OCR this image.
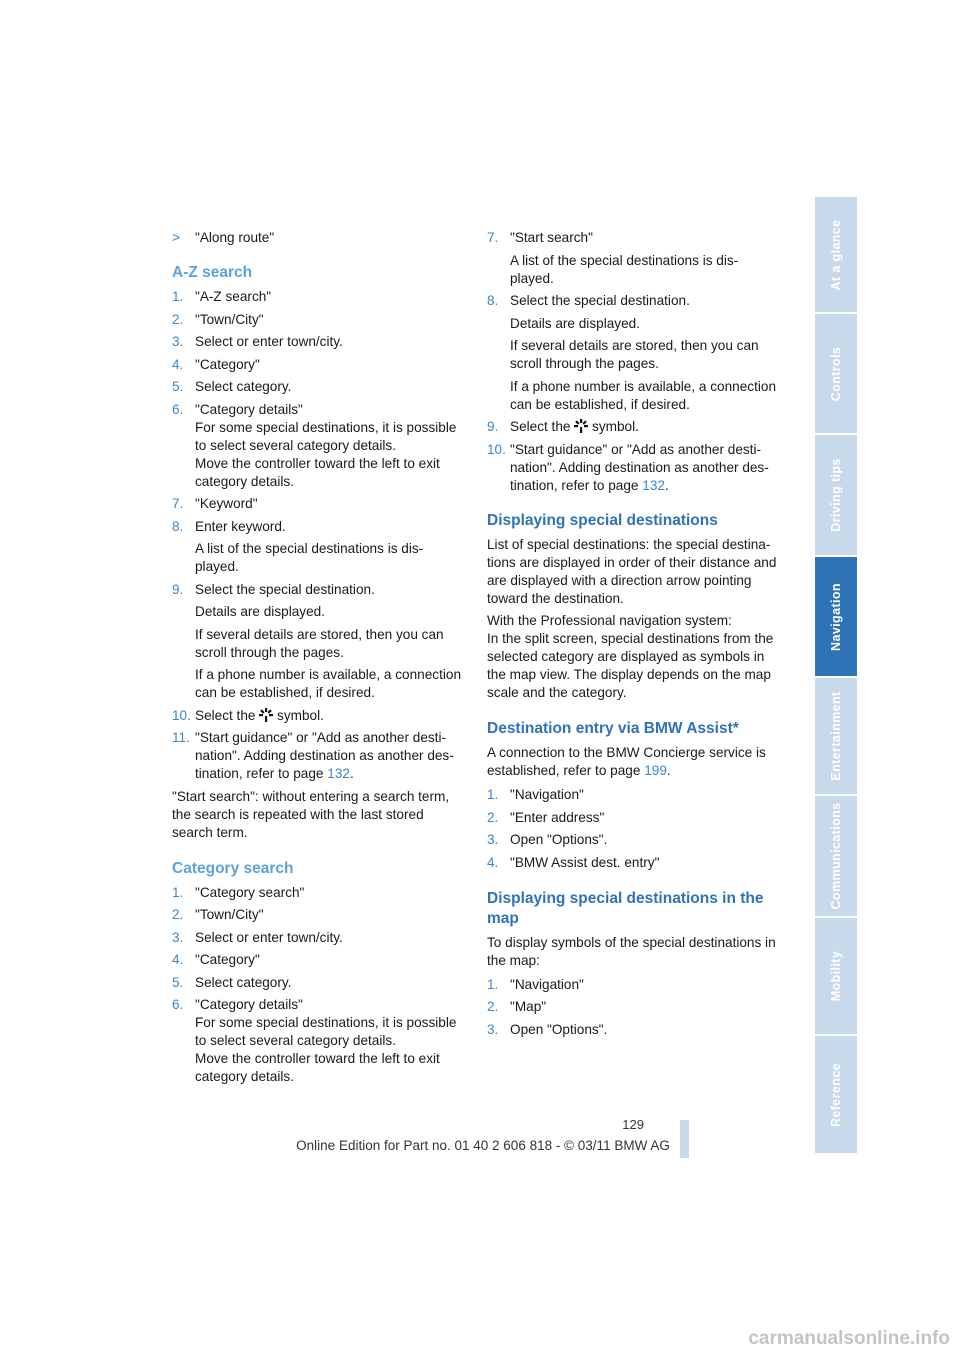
> "Along route"
A-Z search
1. "A-Z search"
2. "Town/City"
3. Select or enter town/city.
4. "Category"
5. Select category.
6. "Category details"
For some special destinations, it is possible to select several category details.
Move the controller toward the left to exit category details.
7. "Keyword"
8. Enter keyword.
A list of the special destinations is dis-played.
9. Select the special destination.
Details are displayed.
If several details are stored, then you can scroll through the pages.
If a phone number is available, a connection can be established, if desired.
10. Select the symbol.
11. "Start guidance" or "Add as another desti-nation". Adding destination as another des-tination, refer to page 132.
"Start search": without entering a search term, the search is repeated with the last stored search term.
Category search
1. "Category search"
2. "Town/City"
3. Select or enter town/city.
4. "Category"
5. Select category.
6. "Category details"
For some special destinations, it is possible to select several category details.
Move the controller toward the left to exit category details.
7. "Start search"
A list of the special destinations is dis-played.
8. Select the special destination.
Details are displayed.
If several details are stored, then you can scroll through the pages.
If a phone number is available, a connection can be established, if desired.
9. Select the symbol.
10. "Start guidance" or "Add as another desti-nation". Adding destination as another des-tination, refer to page 132.
Displaying special destinations
List of special destinations: the special destina-tions are displayed in order of their distance and are displayed with a direction arrow pointing toward the destination.
With the Professional navigation system:
In the split screen, special destinations from the selected category are displayed as symbols in the map view. The display depends on the map scale and the category.
Destination entry via BMW Assist*
A connection to the BMW Concierge service is established, refer to page 199.
1. "Navigation"
2. "Enter address"
3. Open "Options".
4. "BMW Assist dest. entry"
Displaying special destinations in the map
To display symbols of the special destinations in the map:
1. "Navigation"
2. "Map"
3. Open "Options".
At a glance
Controls
Driving tips
Navigation
Entertainment
Communications
Mobility
Reference
129
Online Edition for Part no. 01 40 2 606 818 - © 03/11 BMW AG
carmanualsonline.info
